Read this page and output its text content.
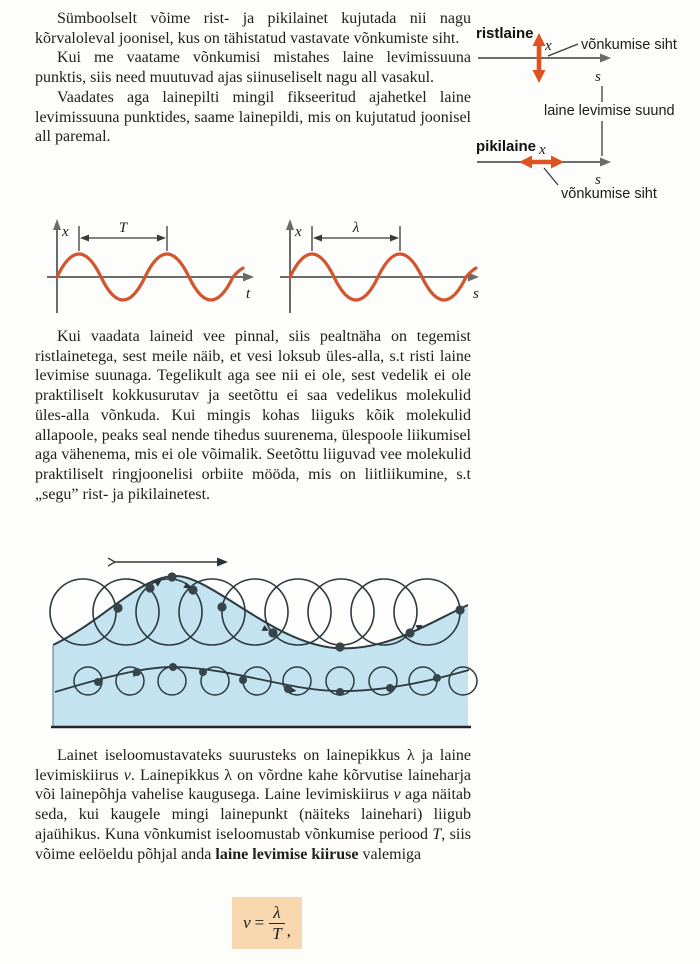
Sümboolselt võime rist- ja pikilainet kujutada nii nagu kõrvaloleval joonisel, kus on tähistatud vastavate võnkumiste siht.

Kui me vaatame võnkumisi mistahes laine levimissuuna punktis, siis need muutuvad ajas siinuseliselt nagu all vasakul.

Vaadates aga lainepilti mingil fikseeritud ajahetkel laine levimissuuna punktides, saame lainepildi, mis on kujutatud joonisel all paremal.

ristlaine
x võnkumise siht
s
laine levimise suund
pikilaine x
s
võnkumise siht
x
t
T	x
s
λ

Kui vaadata laineid vee pinnal, siis pealtnäha on tegemist ristlainetega, sest meile näib, et vesi loksub üles-alla, s.t risti laine levimise suunaga. Tegelikult aga see nii ei ole, sest vedelik ei ole praktiliselt kokkusurutav ja seetõttu ei saa vedelikus molekulid üles-alla võnkuda. Kui mingis kohas liiguks kõik molekulid allapoole, peaks seal nende tihedus suurenema, ülespoole liikumisel aga vähenema, mis ei ole võimalik. Seetõttu liiguvad vee molekulid praktiliselt ringjoonelisi orbiite mööda, mis on liitliikumine, s.t „segu” rist- ja pikilainetest.

Lainet iseloomustavateks suurusteks on lainepikkus λ ja laine levimiskiirus v. Lainepikkus λ on võrdne kahe kõrvutise laineharja või lainepõhja vahelise kaugusega. Laine levimiskiirus v aga näitab seda, kui kaugele mingi lainepunkt (näiteks lainehari) liigub ajaühikus. Kuna võnkumist iseloomustab võnkumise periood T, siis võime eelöeldu põhjal anda laine levimise kiiruse valemiga

$v = \frac{\lambda}{T}$ ,
